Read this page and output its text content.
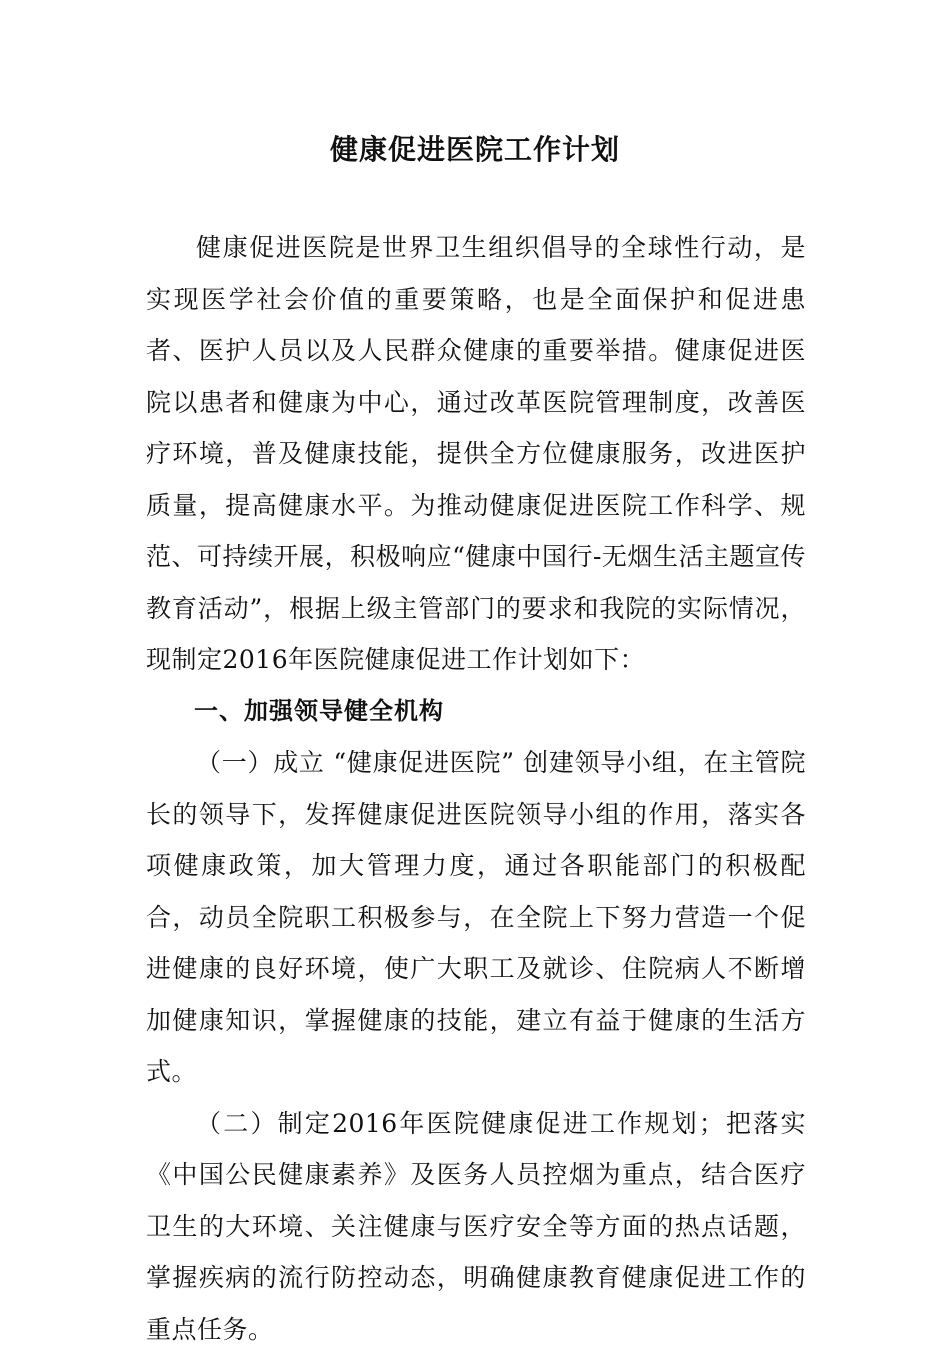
健康促进医院工作计划

健康促进医院是世界卫生组织倡导的全球性行动，是实现医学社会价值的重要策略，也是全面保护和促进患者、医护人员以及人民群众健康的重要举措。健康促进医院以患者和健康为中心，通过改革医院管理制度，改善医疗环境，普及健康技能，提供全方位健康服务，改进医护质量，提高健康水平。为推动健康促进医院工作科学、规范、可持续开展，积极响应“健康中国行-无烟生活主题宣传教育活动”，根据上级主管部门的要求和我院的实际情况，现制定2016年医院健康促进工作计划如下：

一、加强领导健全机构

（一）成立 “健康促进医院” 创建领导小组，在主管院长的领导下，发挥健康促进医院领导小组的作用，落实各项健康政策，加大管理力度，通过各职能部门的积极配合，动员全院职工积极参与，在全院上下努力营造一个促进健康的良好环境，使广大职工及就诊、住院病人不断增加健康知识，掌握健康的技能，建立有益于健康的生活方式。

（二）制定2016年医院健康促进工作规划；把落实《中国公民健康素养》及医务人员控烟为重点，结合医疗卫生的大环境、关注健康与医疗安全等方面的热点话题，掌握疾病的流行防控动态，明确健康教育健康促进工作的重点任务。
